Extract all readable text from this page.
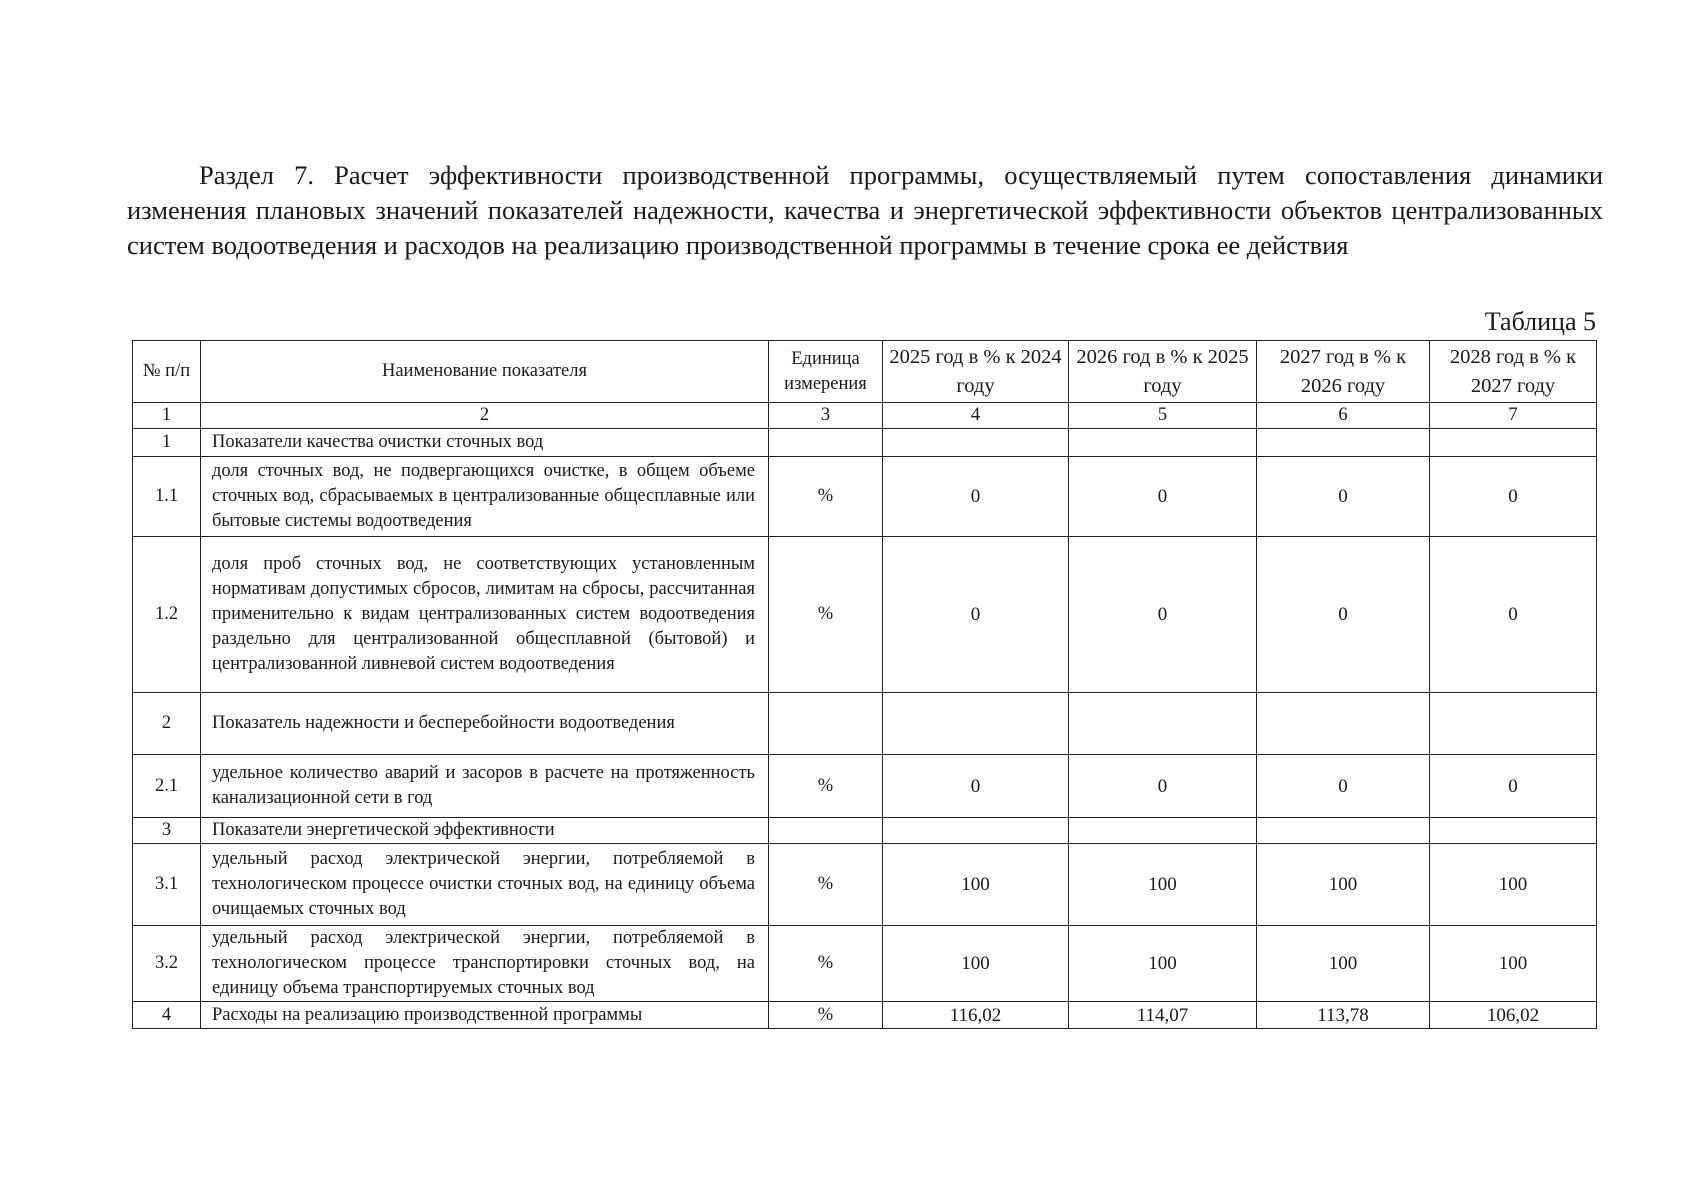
Раздел 7. Расчет эффективности производственной программы, осуществляемый путем сопоставления динамики изменения плановых значений показателей надежности, качества и энергетической эффективности объектов централизованных систем водоотведения и расходов на реализацию производственной программы в течение срока ее действия

Таблица 5

№ п/п	Наименование показателя	Единица измерения	2025 год в % к 2024 году	2026 год в % к 2025 году	2027 год в % к 2026 году	2028 год в % к 2027 году
1	2	3	4	5	6	7
1	Показатели качества очистки сточных вод					
1.1	доля сточных вод, не подвергающихся очистке, в общем объеме сточных вод, сбрасываемых в централизованные общесплавные или бытовые системы водоотведения	%	0	0	0	0
1.2	доля проб сточных вод, не соответствующих установленным нормативам допустимых сбросов, лимитам на сбросы, рассчитанная применительно к видам централизованных систем водоотведения раздельно для централизованной общесплавной (бытовой) и централизованной ливневой систем водоотведения	%	0	0	0	0
2	Показатель надежности и бесперебойности водоотведения					
2.1	удельное количество аварий и засоров в расчете на протяженность канализационной сети в год	%	0	0	0	0
3	Показатели энергетической эффективности					
3.1	удельный расход электрической энергии, потребляемой в технологическом процессе очистки сточных вод, на единицу объема очищаемых сточных вод	%	100	100	100	100
3.2	удельный расход электрической энергии, потребляемой в технологическом процессе транспортировки сточных вод, на единицу объема транспортируемых сточных вод	%	100	100	100	100
4	Расходы на реализацию производственной программы	%	116,02	114,07	113,78	106,02
